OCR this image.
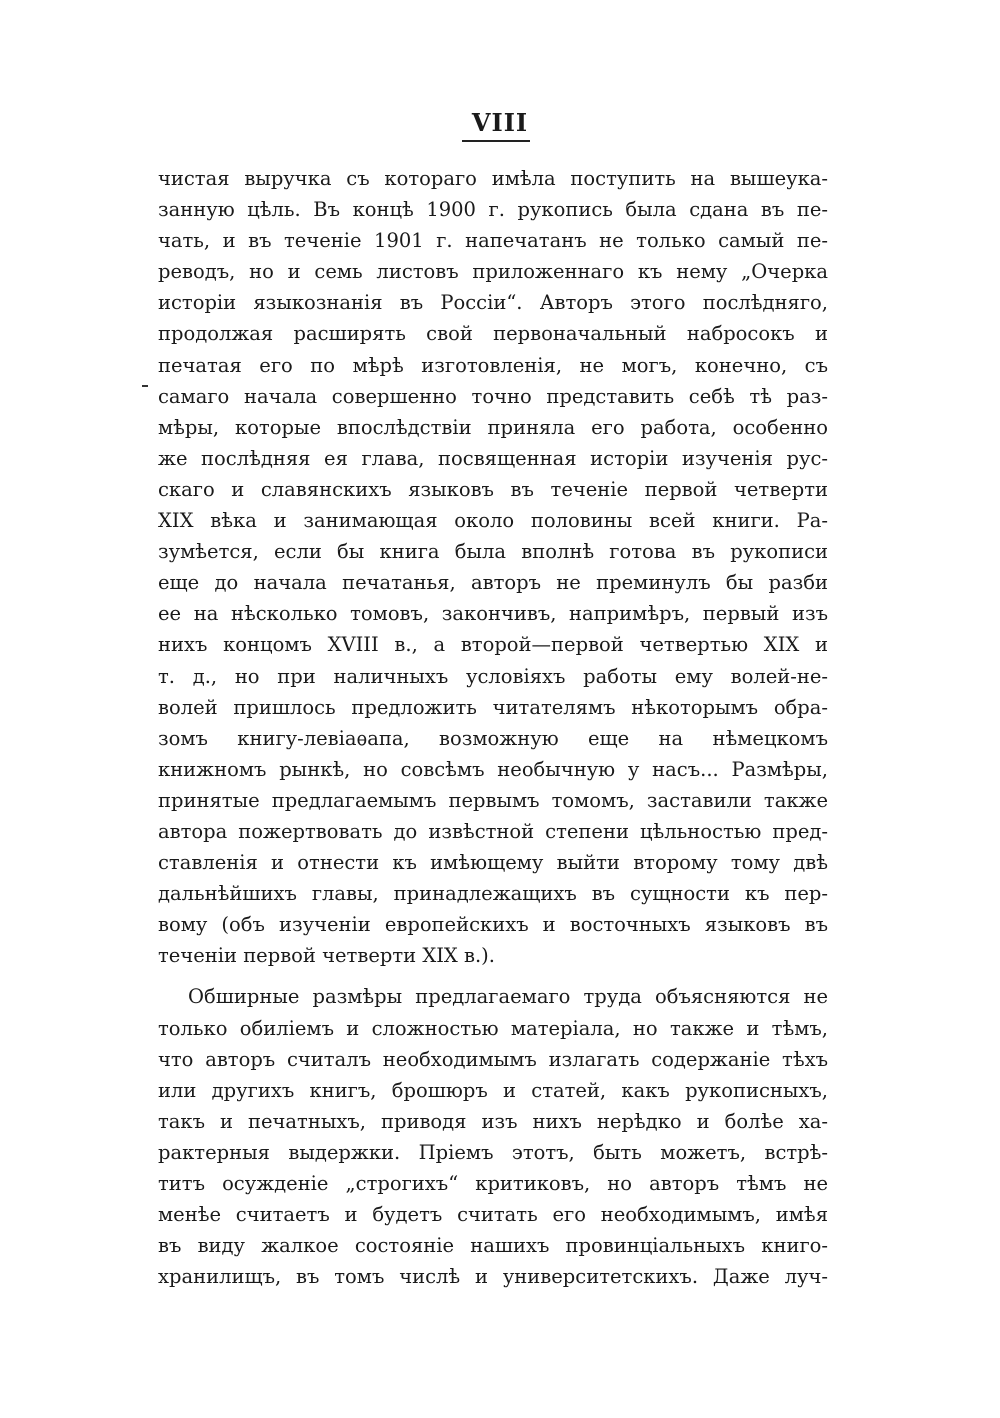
VIII
чистая выручка съ котораго имѣла поступить на вышеука-
занную цѣль. Въ концѣ 1900 г. рукопись была сдана въ пе-
чать, и въ теченіе 1901 г. напечатанъ не только самый пе-
реводъ, но и семь листовъ приложеннаго къ нему „Очерка
исторіи языкознанія въ Россіи“. Авторъ этого послѣдняго,
продолжая расширять свой первоначальный набросокъ и
печатая его по мѣрѣ изготовленія, не могъ, конечно, съ
самаго начала совершенно точно представить себѣ тѣ раз-
мѣры, которые впослѣдствіи приняла его работа, особенно
же послѣдняя ея глава, посвященная исторіи изученія рус-
скаго и славянскихъ языковъ въ теченіе первой четверти
XIX вѣка и занимающая около половины всей книги. Ра-
зумѣется, если бы книга была вполнѣ готова въ рукописи
еще до начала печатанья, авторъ не преминулъ бы разби
ее на нѣсколько томовъ, закончивъ, напримѣръ, первый изъ
нихъ концомъ XVIII в., а второй—первой четвертью XIX и
т. д., но при наличныхъ условіяхъ работы ему волей-не-
волей пришлось предложить читателямъ нѣкоторымъ обра-
зомъ книгу-левіаѳапа, возможную еще на нѣмецкомъ
книжномъ рынкѣ, но совсѣмъ необычную у насъ... Размѣры,
принятые предлагаемымъ первымъ томомъ, заставили также
автора пожертвовать до извѣстной степени цѣльностью пред-
ставленія и отнести къ имѣющему выйти второму тому двѣ
дальнѣйшихъ главы, принадлежащихъ въ сущности къ пер-
вому (объ изученіи европейскихъ и восточныхъ языковъ въ
теченіи первой четверти XIX в.).
Обширные размѣры предлагаемаго труда объясняются не
только обиліемъ и сложностью матеріала, но также и тѣмъ,
что авторъ считалъ необходимымъ излагать содержаніе тѣхъ
или другихъ книгъ, брошюръ и статей, какъ рукописныхъ,
такъ и печатныхъ, приводя изъ нихъ нерѣдко и болѣе ха-
рактерныя выдержки. Пріемъ этотъ, быть можетъ, встрѣ-
титъ осужденіе „строгихъ“ критиковъ, но авторъ тѣмъ не
менѣе считаетъ и будетъ считать его необходимымъ, имѣя
въ виду жалкое состояніе нашихъ провинціальныхъ книго-
хранилищъ, въ томъ числѣ и университетскихъ. Даже луч-
